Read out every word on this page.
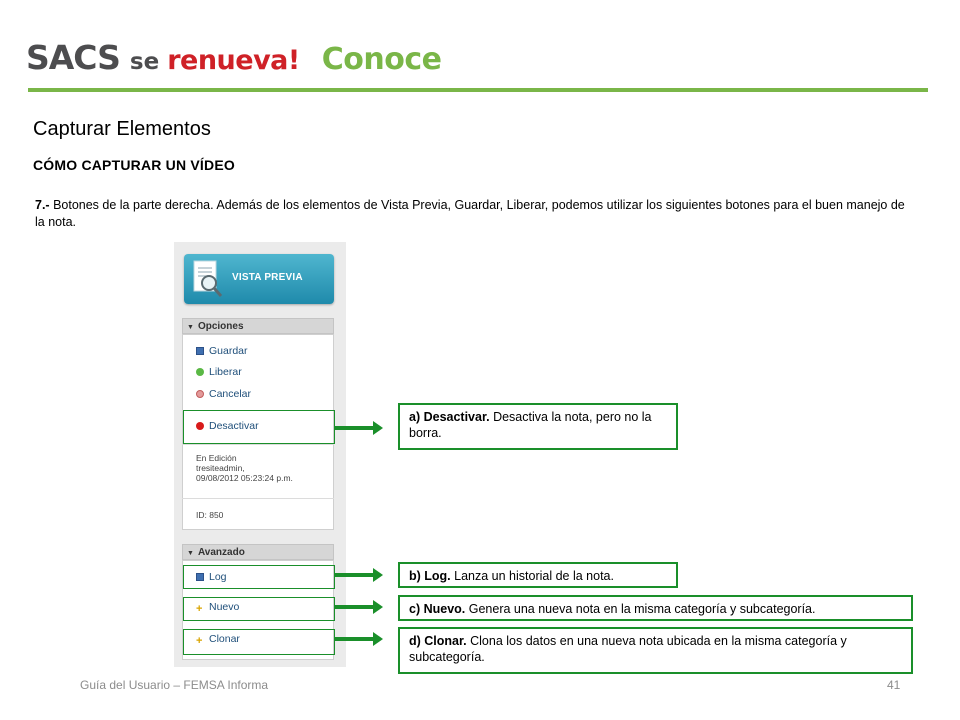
SACS se renueva! Conoce
Capturar Elementos
CÓMO CAPTURAR UN VÍDEO
7.- Botones de la parte derecha. Además de los elementos de Vista Previa, Guardar, Liberar, podemos utilizar los siguientes botones para el buen manejo de la nota.
VISTA PREVIA
▼ Opciones
Guardar
Liberar
Cancelar
Desactivar
En Edición
tresiteadmin,
09/08/2012 05:23:24 p.m.
ID: 850
▼ Avanzado
Log
+ Nuevo
+ Clonar
a) Desactivar. Desactiva la nota, pero no la borra.
b) Log. Lanza un historial de la nota.
c) Nuevo. Genera una nueva nota en la misma categoría y subcategoría.
d) Clonar. Clona los datos en una nueva nota ubicada en la misma categoría y subcategoría.
Guía del Usuario – FEMSA Informa	41
